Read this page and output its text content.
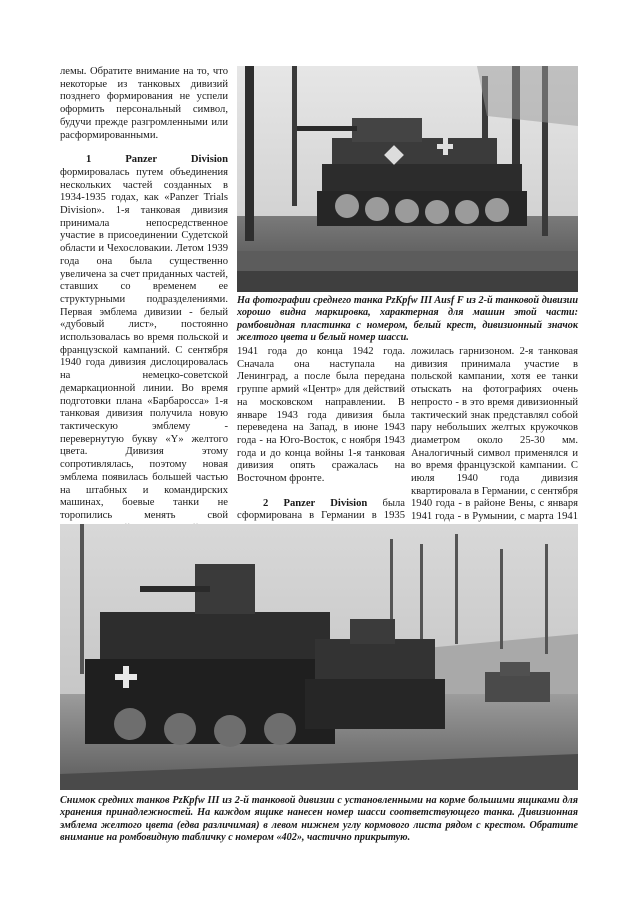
лемы. Обратите внимание на то, что некоторые из танковых дивизий позднего формирования не успели оформить персональный символ, будучи прежде разгромленными или расформированными.

1 Panzer Division формировалась путем объединения нескольких частей созданных в 1934-1935 годах, как «Panzer Trials Division». 1-я танковая дивизия принимала непосредственное участие в присоединении Судетской области и Чехословакии. Летом 1939 года она была существенно увеличена за счет приданных частей, ставших со временем ее структурными подразделениями. Первая эмблема дивизии - белый «дубовый лист», постоянно использовалась во время польской и французской кампаний. С сентября 1940 года дивизия дислоцировалась на немецко-советской демаркационной линии. Во время подготовки плана «Барбаросса» 1-я танковая дивизия получила новую тактическую эмблему - перевернутую букву «Y» желтого цвета. Дивизия этому сопротивлялась, поэтому новая эмблема появилась большей частью на штабных и командирских машинах, боевые танки не торопились менять свой

На фотографии среднего танка PzKpfw III Ausf F из 2-й танковой дивизии хорошо видна маркировка, характерная для машин этой части: ромбовидная пластинка с номером, белый крест, дивизионный значок желтого цвета и белый номер шасси.

1941 года до конца 1942 года. Сначала она наступала на Ленинград, а после была передана группе армий «Центр» для действий на московском направлении. В январе 1943 года дивизия была переведена на Запад, в июне 1943 года - на Юго-Восток, с ноября 1943 года и до конца войны 1-я танковая дивизия опять сражалась на Восточном фронте.

2 Panzer Division была сформирована в Германии в 1935

ложилась гарнизоном. 2-я танковая дивизия принимала участие в польской кампании, хотя ее танки отыскать на фотографиях очень непросто - в это время дивизионный тактический знак представлял собой пару небольших желтых кружочков диаметром около 25-30 мм. Аналогичный символ применялся и во время французской кампании. С июля 1940 года дивизия квартировала в Германии, с сентября 1940 года - в районе Вены, с января 1941 года - в Румынии, с марта 1941

Снимок средних танков PzKpfw III из 2-й танковой дивизии с установленными на корме большими ящиками для хранения принадлежностей. На каждом ящике нанесен номер шасси соответствующего танка. Дивизионная эмблема желтого цвета (едва различимая) в левом нижнем углу кормового листа рядом с крестом. Обратите внимание на ромбовидную табличку с номером «402», частично прикрытую.
